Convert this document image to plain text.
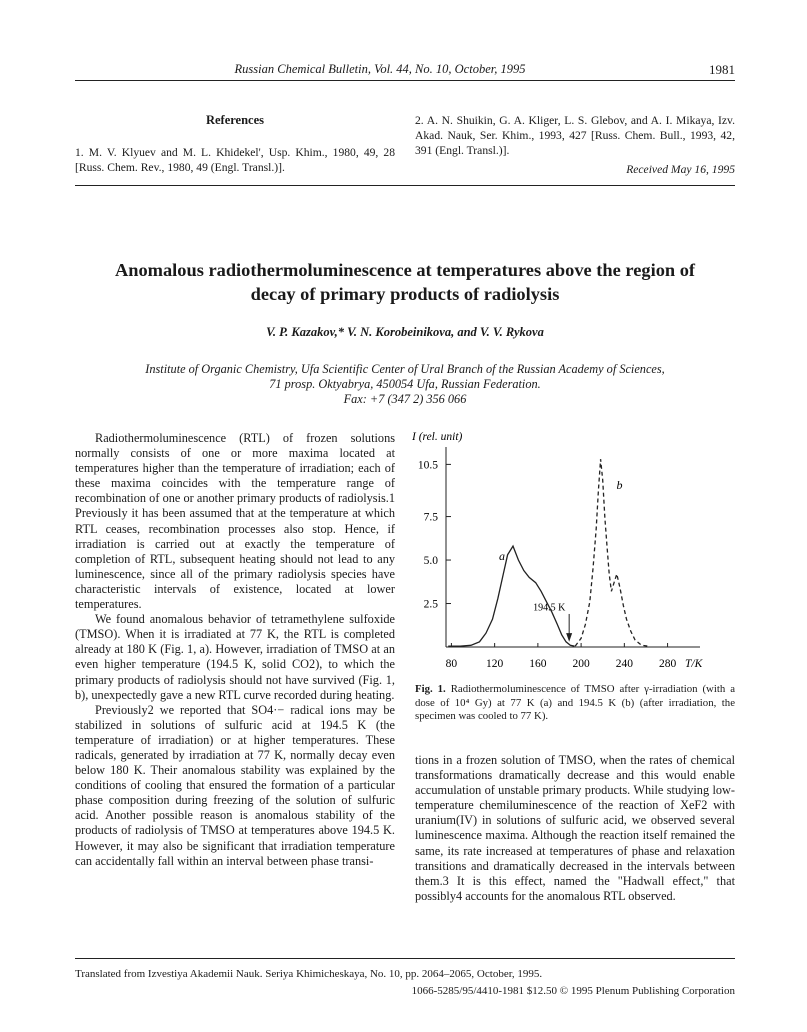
Russian Chemical Bulletin, Vol. 44, No. 10, October, 1995	1981
References
1. M. V. Klyuev and M. L. Khidekel', Usp. Khim., 1980, 49, 28 [Russ. Chem. Rev., 1980, 49 (Engl. Transl.)].
2. A. N. Shuikin, G. A. Kliger, L. S. Glebov, and A. I. Mikaya, Izv. Akad. Nauk, Ser. Khim., 1993, 427 [Russ. Chem. Bull., 1993, 42, 391 (Engl. Transl.)].
Received May 16, 1995
Anomalous radiothermoluminescence at temperatures above the region of
decay of primary products of radiolysis
V. P. Kazakov,* V. N. Korobeinikova, and V. V. Rykova
Institute of Organic Chemistry, Ufa Scientific Center of Ural Branch of the Russian Academy of Sciences,
71 prosp. Oktyabrya, 450054 Ufa, Russian Federation.
Fax: +7 (347 2) 356 066

Radiothermoluminescence (RTL) of frozen solutions normally consists of one or more maxima located at temperatures higher than the temperature of irradiation; each of these maxima coincides with the temperature range of recombination of one or another primary products of radiolysis.1 Previously it has been assumed that at the temperature at which RTL ceases, recombination processes also stop. Hence, if irradiation is carried out at exactly the temperature of completion of RTL, subsequent heating should not lead to any luminescence, since all of the primary radiolysis species have characteristic intervals of existence, located at lower temperatures.

We found anomalous behavior of tetramethylene sulfoxide (TMSO). When it is irradiated at 77 K, the RTL is completed already at 180 K (Fig. 1, a). However, irradiation of TMSO at an even higher temperature (194.5 K, solid CO2), to which the primary products of radiolysis should not have survived (Fig. 1, b), unexpectedly gave a new RTL curve recorded during heating.

Previously2 we reported that SO4·− radical ions may be stabilized in solutions of sulfuric acid at 194.5 K (the temperature of irradiation) or at higher temperatures. These radicals, generated by irradiation at 77 K, normally decay even below 180 K. Their anomalous stability was explained by the conditions of cooling that ensured the formation of a particular phase composition during freezing of the solution of sulfuric acid. Another possible reason is anomalous stability of the products of radiolysis of TMSO at temperatures above 194.5 K. However, it may also be significant that irradiation temperature can accidentally fall within an interval between phase transi-

I (rel. unit)
2.5
5.0
7.5
10.5
80	120 160 200 240 280
a
b
194.5 K
T/K
Fig. 1. Radiothermoluminescence of TMSO after γ-irradiation (with a dose of 10⁴ Gy) at 77 K (a) and 194.5 K (b) (after irradiation, the specimen was cooled to 77 K).

tions in a frozen solution of TMSO, when the rates of chemical transformations dramatically decrease and this would enable accumulation of unstable primary products. While studying low-temperature chemiluminescence of the reaction of XeF2 with uranium(IV) in solutions of sulfuric acid, we observed several luminescence maxima. Although the reaction itself remained the same, its rate increased at temperatures of phase and relaxation transitions and dramatically decreased in the intervals between them.3 It is this effect, named the "Hadwall effect," that possibly4 accounts for the anomalous RTL observed.

Translated from Izvestiya Akademii Nauk. Seriya Khimicheskaya, No. 10, pp. 2064–2065, October, 1995.
1066-5285/95/4410-1981 $12.50 © 1995 Plenum Publishing Corporation
